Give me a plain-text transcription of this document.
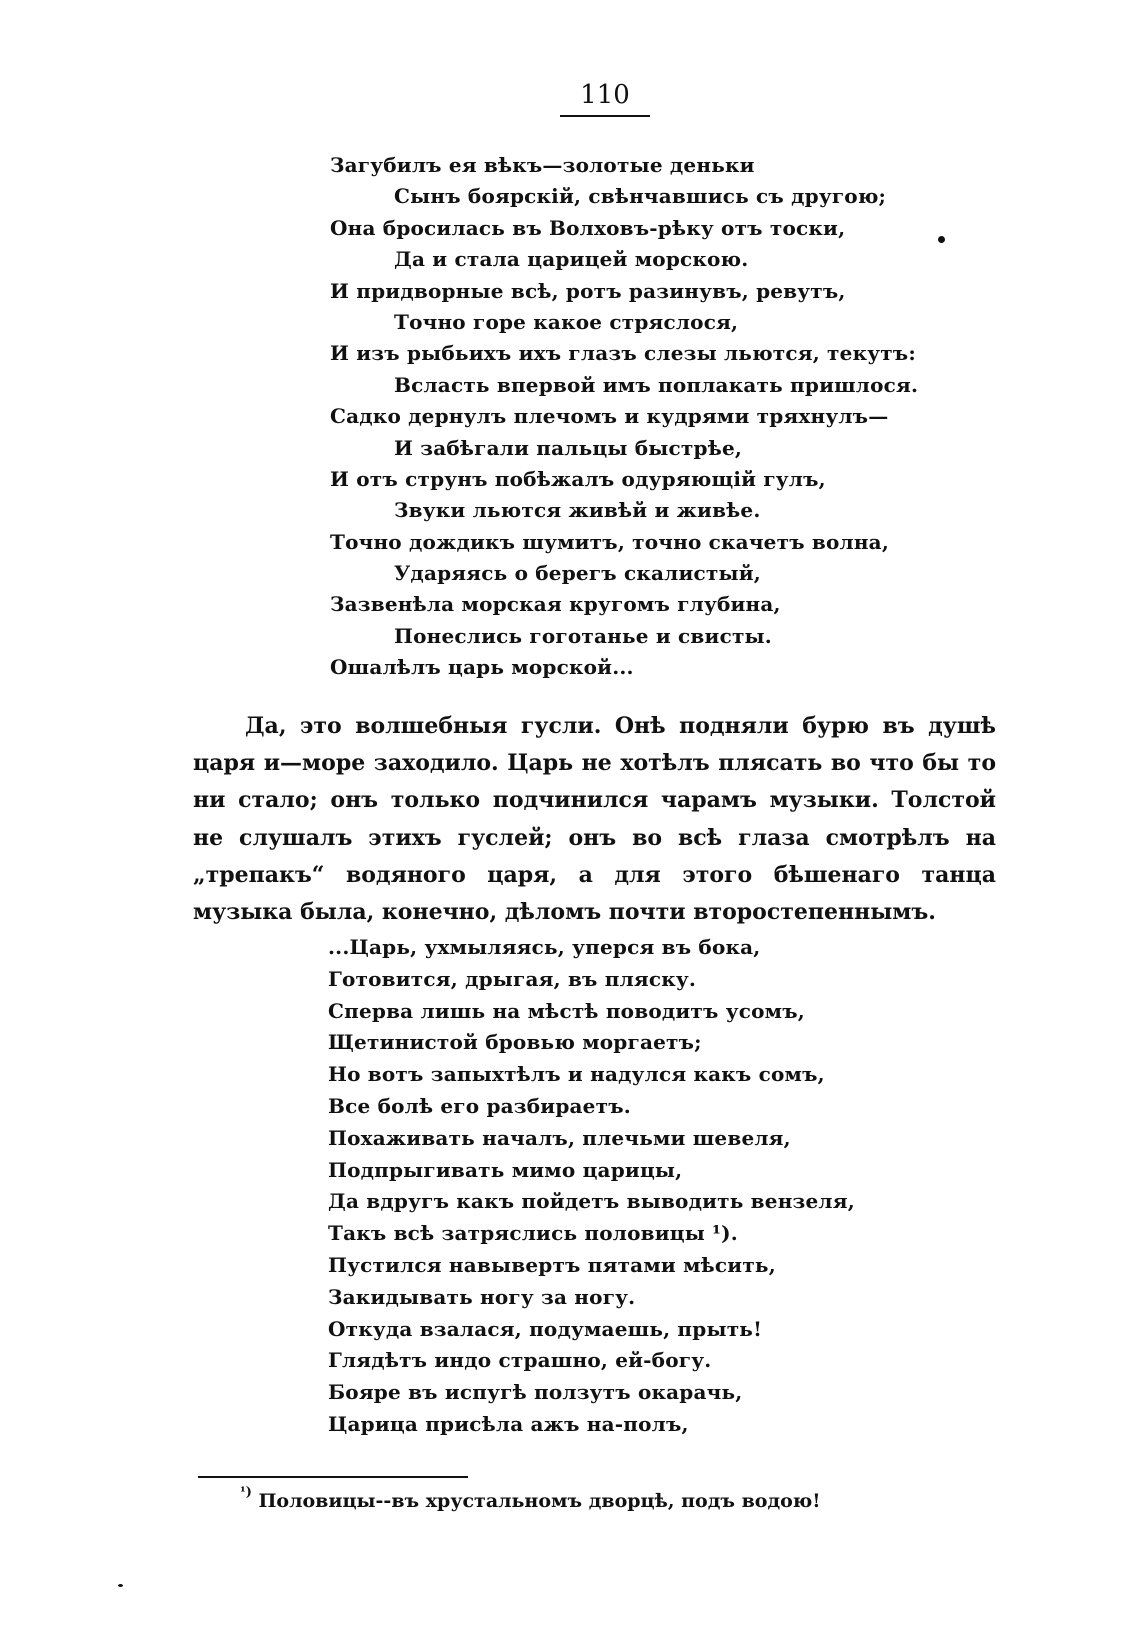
110
Загубилъ ея вѣкъ—золотые деньки
Сынъ боярскій, свѣнчавшись съ другою;
Она бросилась въ Волховъ-рѣку отъ тоски,
Да и стала царицей морскою.
И придворные всѣ, ротъ разинувъ, ревутъ,
Точно горе какое стряслося,
И изъ рыбьихъ ихъ глазъ слезы льются, текутъ:
Вcласть впервой имъ поплакать пришлося.
Садко дернулъ плечомъ и кудрями тряхнулъ—
И забѣгали пальцы быстрѣе,
И отъ струнъ побѣжалъ одуряющій гулъ,
Звуки льются живѣй и живѣе.
Точно дождикъ шумитъ, точно скачетъ волна,
Ударяясь о берегъ скалистый,
Зазвенѣла морская кругомъ глубина,
Понеслись гоготанье и свисты.
Ошалѣлъ царь морской...

Да, это волшебныя гусли. Онѣ подняли бурю въ душѣ царя и—море заходило. Царь не хотѣлъ плясать во что бы то ни стало; онъ только подчинился чарамъ музыки. Толстой не слушалъ этихъ гуслей; онъ во всѣ глаза смотрѣлъ на „трепакъ“ водяного царя, а для этого бѣшенаго танца музыка была, конечно, дѣломъ почти второстепеннымъ.

...Царь, ухмыляясь, уперся въ бока,
Готовится, дрыгая, въ пляску.
Сперва лишь на мѣстѣ поводитъ усомъ,
Щетинистой бровью моргаетъ;
Но вотъ запыхтѣлъ и надулся какъ сомъ,
Все болѣ его разбираетъ.
Похаживать началъ, плечьми шевеля,
Подпрыгивать мимо царицы,
Да вдругъ какъ пойдетъ выводить вензеля,
Такъ всѣ затряслись половицы ¹).
Пустился навывертъ пятами мѣсить,
Закидывать ногу за ногу.
Откуда взалася, подумаешь, прыть!
Глядѣтъ индо страшно, ей-богу.
Бояре въ испугѣ ползутъ окарачь,
Царица присѣла ажъ на-полъ,
$^{^1)}$ Половицы--въ хрустальномъ дворцѣ, подъ водою!
